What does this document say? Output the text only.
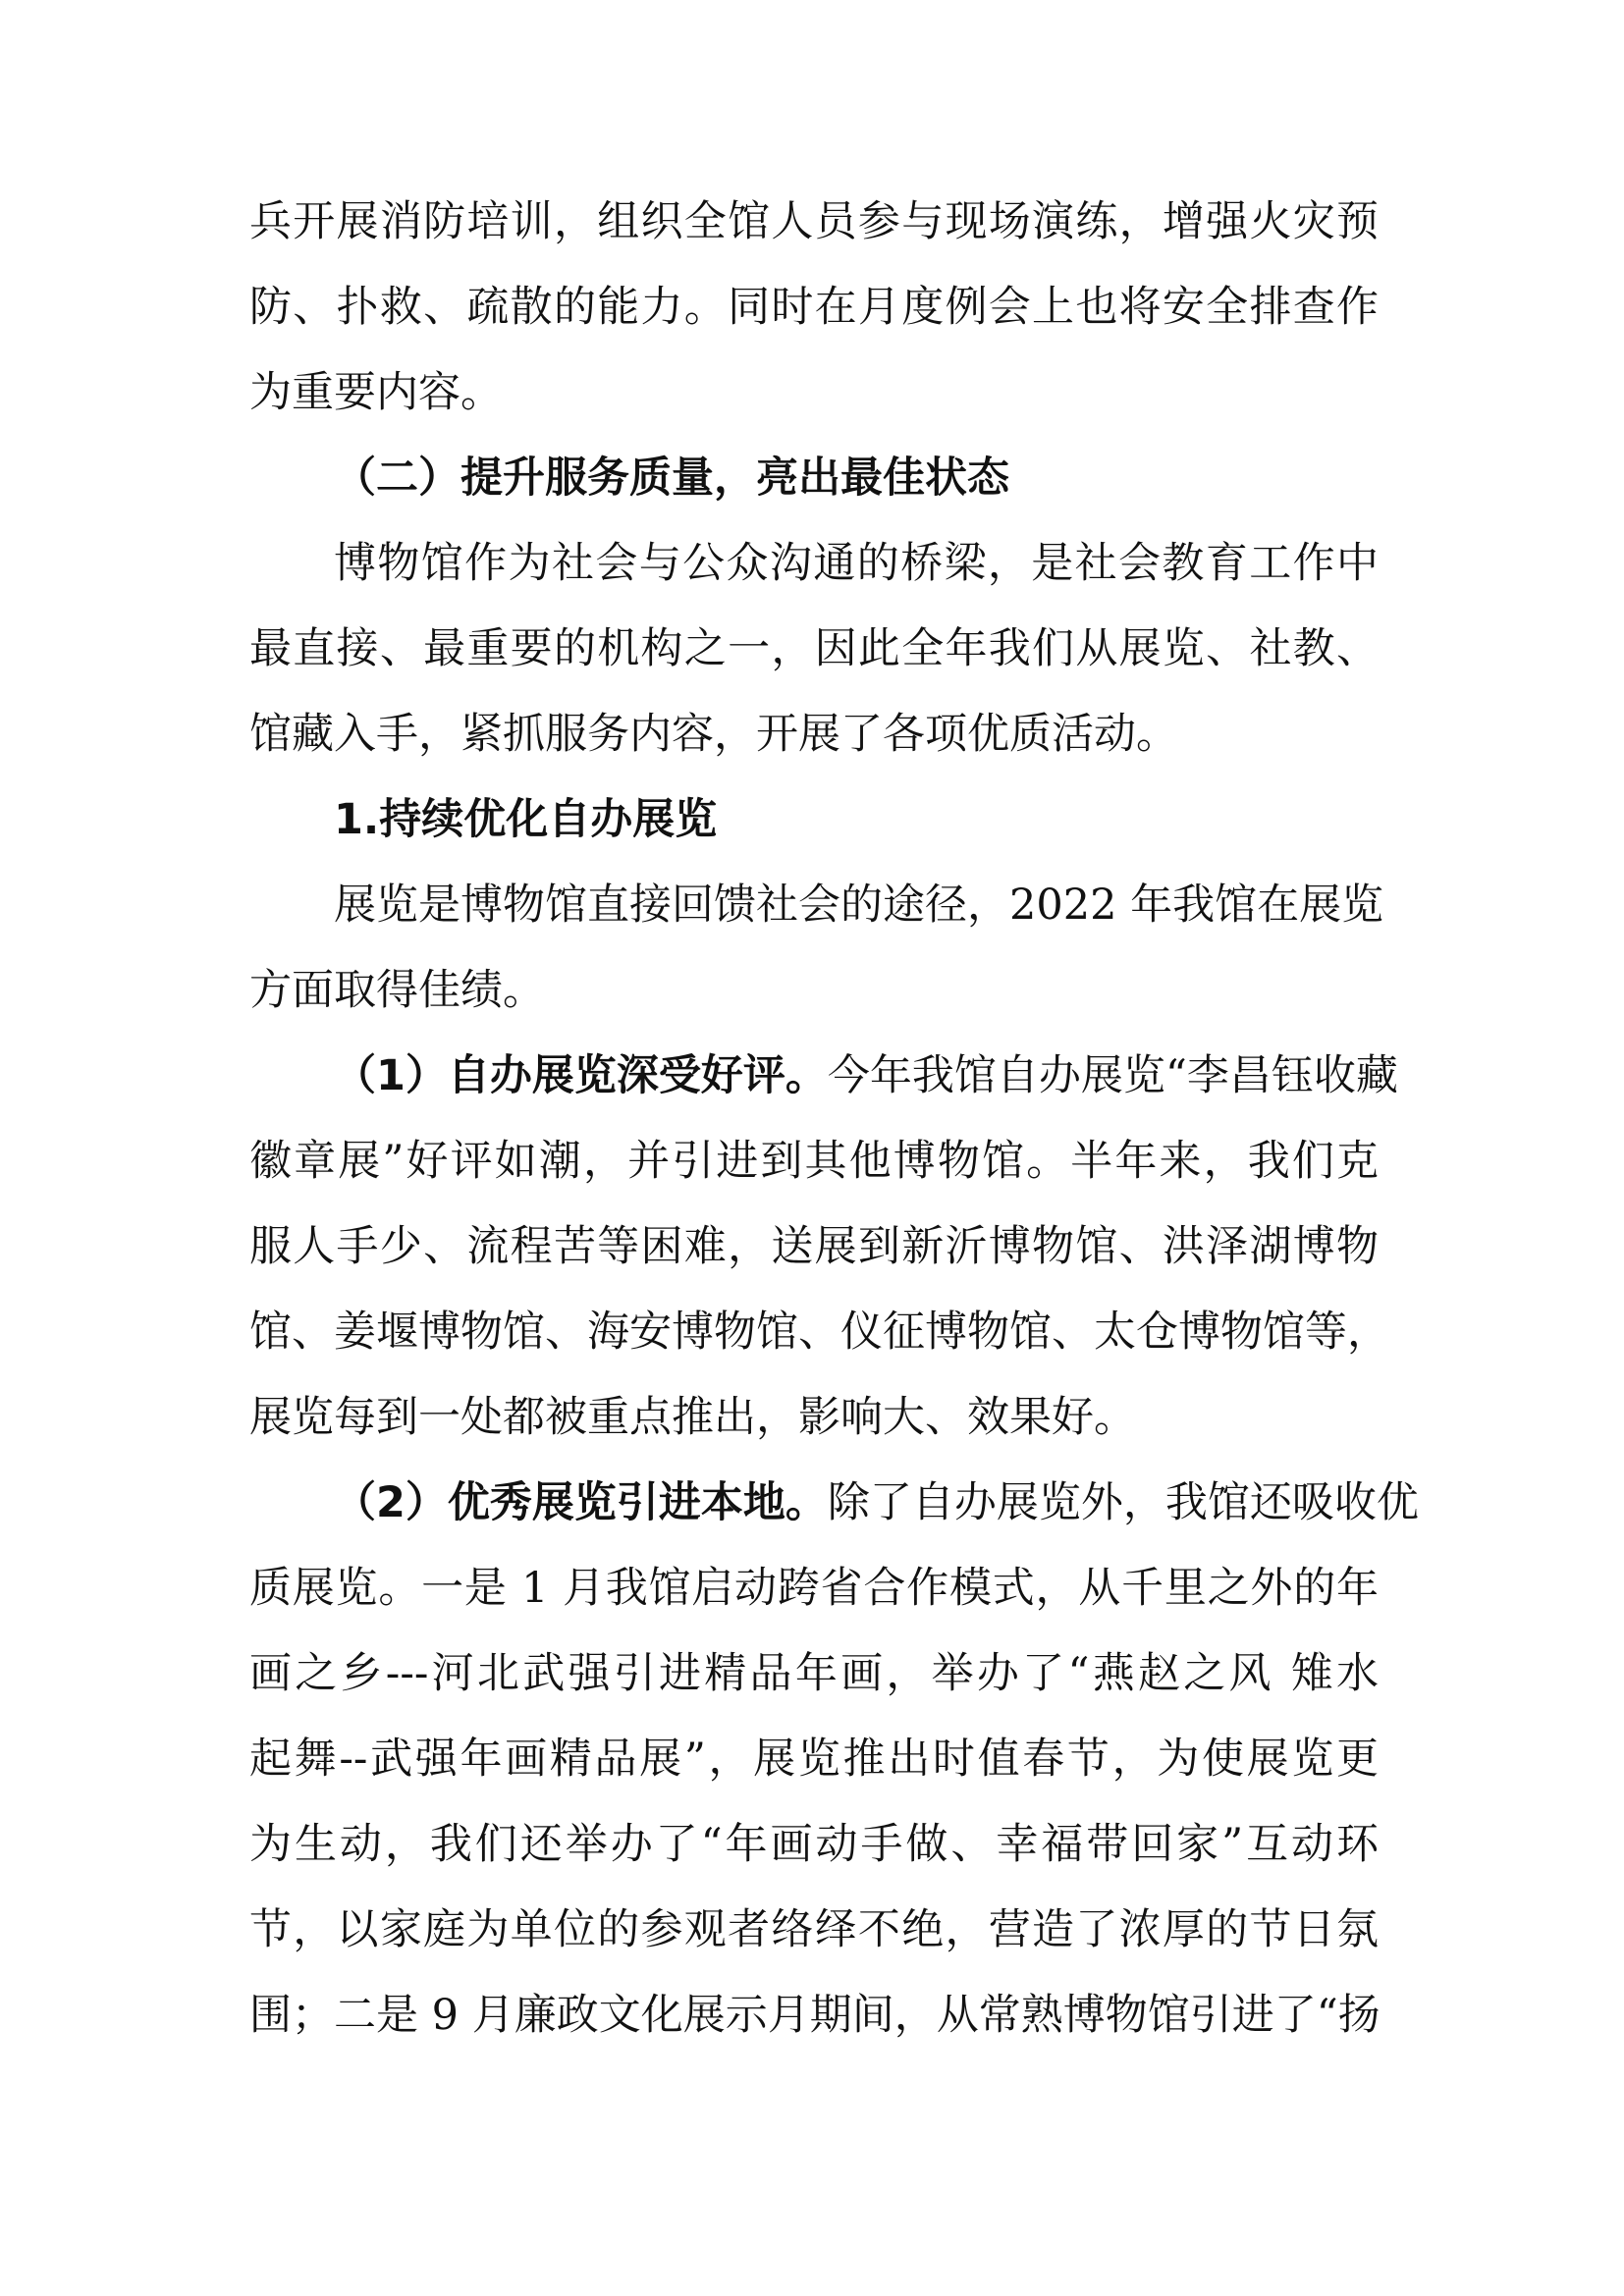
兵开展消防培训，组织全馆人员参与现场演练，增强火灾预
防、扑救、疏散的能力。同时在月度例会上也将安全排查作
为重要内容。
（二）提升服务质量，亮出最佳状态
博物馆作为社会与公众沟通的桥梁，是社会教育工作中
最直接、最重要的机构之一，因此全年我们从展览、社教、
馆藏入手，紧抓服务内容，开展了各项优质活动。
1.持续优化自办展览
展览是博物馆直接回馈社会的途径，2022 年我馆在展览
方面取得佳绩。
（1）自办展览深受好评。今年我馆自办展览“李昌钰收藏
徽章展”好评如潮，并引进到其他博物馆。半年来，我们克
服人手少、流程苦等困难，送展到新沂博物馆、洪泽湖博物
馆、姜堰博物馆、海安博物馆、仪征博物馆、太仓博物馆等，
展览每到一处都被重点推出，影响大、效果好。
（2）优秀展览引进本地。除了自办展览外，我馆还吸收优
质展览。一是 1 月我馆启动跨省合作模式，从千里之外的年
画之乡---河北武强引进精品年画，举办了“燕赵之风 雉水
起舞--武强年画精品展”，展览推出时值春节，为使展览更
为生动，我们还举办了“年画动手做、幸福带回家”互动环
节，以家庭为单位的参观者络绎不绝，营造了浓厚的节日氛
围；二是 9 月廉政文化展示月期间，从常熟博物馆引进了“扬
